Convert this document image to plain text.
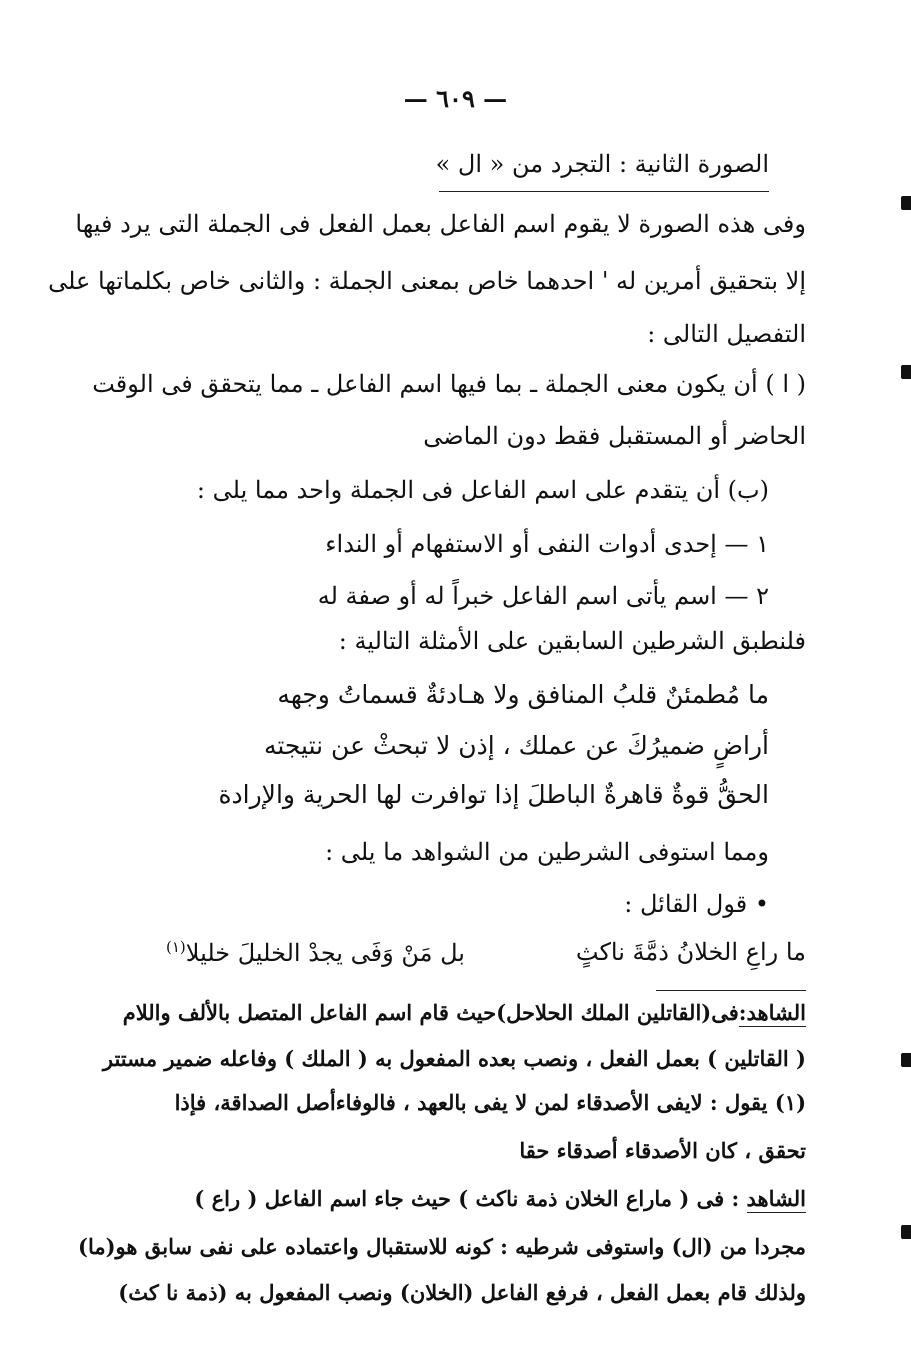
— ٦٠٩ —
الصورة الثانية : التجرد من « ال »
وفى هذه الصورة لا يقوم اسم الفاعل بعمل الفعل فى الجملة التى يرد فيها
إلا بتحقيق أمرين له ' احدهما خاص بمعنى الجملة : والثانى خاص بكلماتها على
التفصيل التالى :
( ا ) أن يكون معنى الجملة ـ بما فيها اسم الفاعل ـ مما يتحقق فى الوقت
الحاضر أو المستقبل فقط دون الماضى
(ب) أن يتقدم على اسم الفاعل فى الجملة واحد مما يلى :
١ — إحدى أدوات النفى أو الاستفهام أو النداء
٢ — اسم يأتى اسم الفاعل خبراً له أو صفة له
فلنطبق الشرطين السابقين على الأمثلة التالية :
ما مُطمئنٌ قلبُ المنافق ولا هـادئةٌ قسماتُ وجهه
أراضٍ ضميرُكَ عن عملك ، إذن لا تبحثْ عن نتيجته
الحقُّ قوةٌ قاهرةٌ الباطلَ إذا توافرت لها الحرية والإرادة
ومما استوفى الشرطين من الشواهد ما يلى :
• قول القائل :
ما راعِ الخلانُ ذمَّةَ ناكثٍ
بل مَنْ وَفَى يجدْ الخليلَ خليلا$^{(١)}$
الشاهد:فى(القاتلين الملك الحلاحل)حيث قام اسم الفاعل المتصل بالألف واللام
( القاتلين ) بعمل الفعل ، ونصب بعده المفعول به ( الملك ) وفاعله ضمير مستتر
(١) يقول : لايفى الأصدقاء لمن لا يفى بالعهد ، فالوفاءأصل الصداقة، فإذا
تحقق ، كان الأصدقاء أصدقاء حقا
الشاهد : فى ( ماراع الخلان ذمة ناكث ) حيث جاء اسم الفاعل ( راع )
مجردا من (ال) واستوفى شرطيه : كونه للاستقبال واعتماده على نفى سابق هو(ما)
ولذلك قام بعمل الفعل ، فرفع الفاعل (الخلان) ونصب المفعول به (ذمة نا كث)
